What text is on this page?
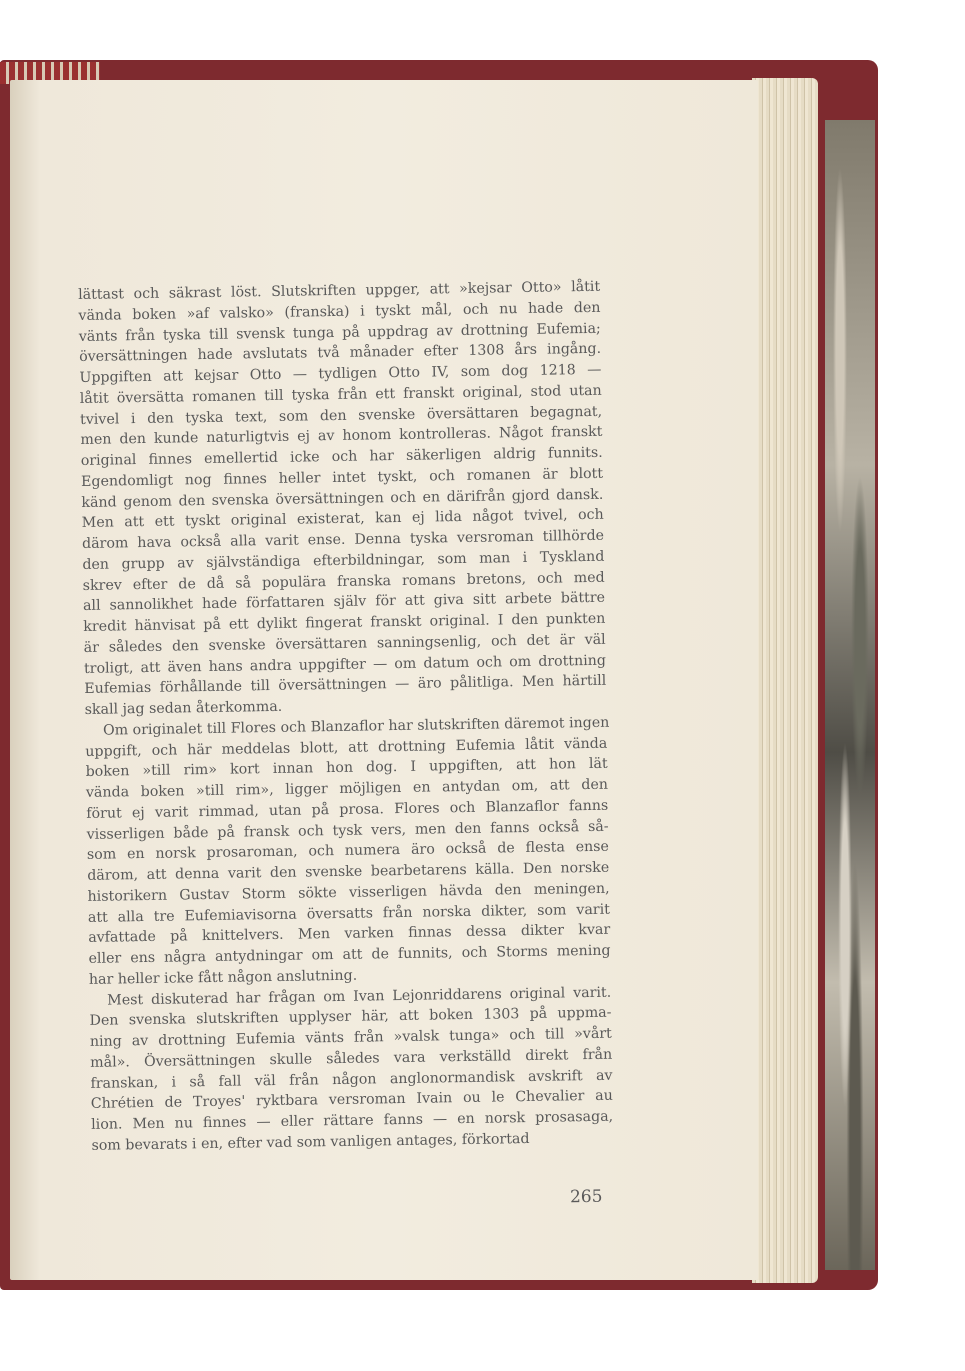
lättast och säkrast löst. Slutskriften uppger, att »kejsar Otto» låtit
vända boken »af valsko» (franska) i tyskt mål, och nu hade den
vänts från tyska till svensk tunga på uppdrag av drottning Eufemia;
översättningen hade avslutats två månader efter 1308 års ingång.
Uppgiften att kejsar Otto — tydligen Otto IV, som dog 1218 —
låtit översätta romanen till tyska från ett franskt original, stod utan
tvivel i den tyska text, som den svenske översättaren begagnat,
men den kunde naturligtvis ej av honom kontrolleras. Något franskt
original finnes emellertid icke och har säkerligen aldrig funnits.
Egendomligt nog finnes heller intet tyskt, och romanen är blott
känd genom den svenska översättningen och en därifrån gjord dansk.
Men att ett tyskt original existerat, kan ej lida något tvivel, och
därom hava också alla varit ense. Denna tyska versroman tillhörde
den grupp av självständiga efterbildningar, som man i Tyskland
skrev efter de då så populära franska romans bretons, och med
all sannolikhet hade författaren själv för att giva sitt arbete bättre
kredit hänvisat på ett dylikt fingerat franskt original. I den punkten
är således den svenske översättaren sanningsenlig, och det är väl
troligt, att även hans andra uppgifter — om datum och om drottning
Eufemias förhållande till översättningen — äro pålitliga. Men härtill
skall jag sedan återkomma.
Om originalet till Flores och Blanzaflor har slutskriften däremot ingen
uppgift, och här meddelas blott, att drottning Eufemia låtit vända
boken »till rim» kort innan hon dog. I uppgiften, att hon lät
vända boken »till rim», ligger möjligen en antydan om, att den
förut ej varit rimmad, utan på prosa. Flores och Blanzaflor fanns
visserligen både på fransk och tysk vers, men den fanns också så-
som en norsk prosaroman, och numera äro också de flesta ense
därom, att denna varit den svenske bearbetarens källa. Den norske
historikern Gustav Storm sökte visserligen hävda den meningen,
att alla tre Eufemiavisorna översatts från norska dikter, som varit
avfattade på knittelvers. Men varken finnas dessa dikter kvar
eller ens några antydningar om att de funnits, och Storms mening
har heller icke fått någon anslutning.
Mest diskuterad har frågan om Ivan Lejonriddarens original varit.
Den svenska slutskriften upplyser här, att boken 1303 på uppma-
ning av drottning Eufemia vänts från »valsk tunga» och till »vårt
mål». Översättningen skulle således vara verkställd direkt från
franskan, i så fall väl från någon anglonormandisk avskrift av
Chrétien de Troyes' ryktbara versroman Ivain ou le Chevalier au
lion. Men nu finnes — eller rättare fanns — en norsk prosasaga,
som bevarats i en, efter vad som vanligen antages, förkortad
265
